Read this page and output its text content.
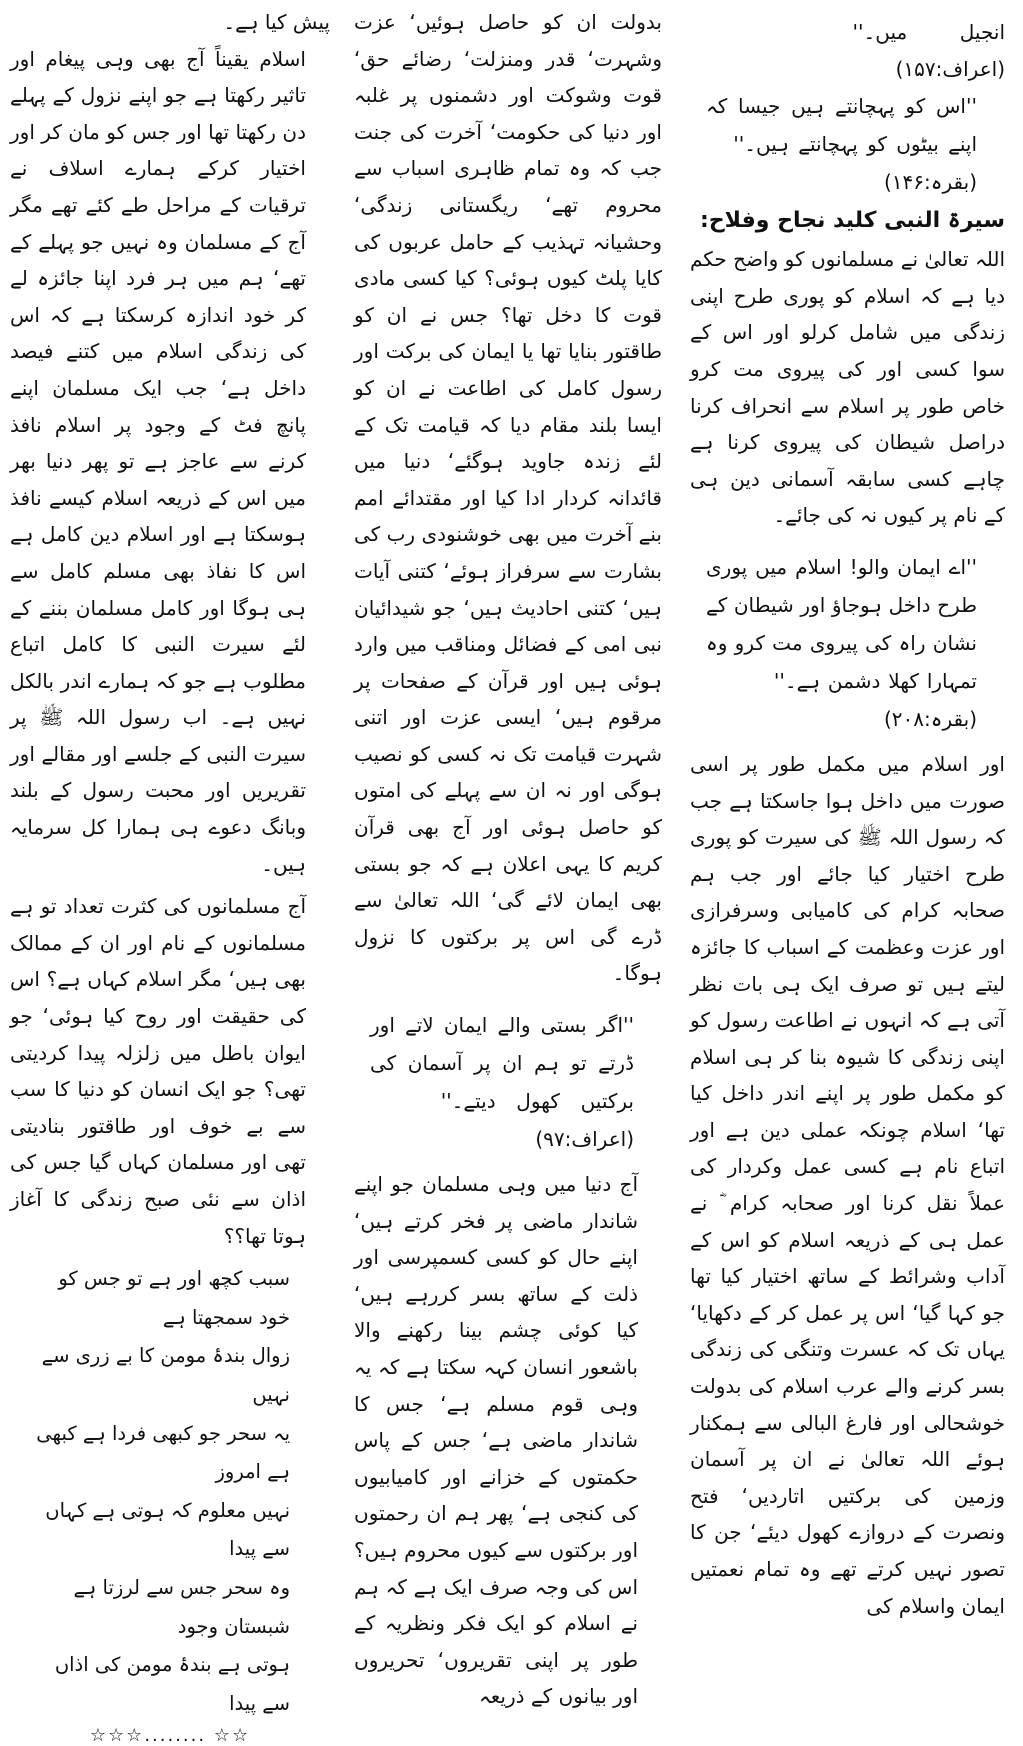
انجیل میں۔''  (اعراف:۱۵۷)

''اس کو پہچانتے ہیں جیسا کہ اپنے بیٹوں کو پہچانتے ہیں۔''  (بقرہ:۱۴۶)

سیرۃ النبی کلید نجاح وفلاح:

اللہ تعالیٰ نے مسلمانوں کو واضح حکم دیا ہے کہ اسلام کو پوری طرح اپنی زندگی میں شامل کرلو اور اس کے سوا کسی اور کی پیروی مت کرو خاص طور پر اسلام سے انحراف کرنا دراصل شیطان کی پیروی کرنا ہے چاہے کسی سابقہ آسمانی دین ہی کے نام پر کیوں نہ کی جائے۔

''اے ایمان والو! اسلام میں پوری طرح داخل ہوجاؤ اور شیطان کے نشان راہ کی پیروی مت کرو وہ تمہارا کھلا دشمن ہے۔''  (بقرہ:۲۰۸)

اور اسلام میں مکمل طور پر اسی صورت میں داخل ہوا جاسکتا ہے جب کہ رسول اللہ ﷺ کی سیرت کو پوری طرح اختیار کیا جائے اور جب ہم صحابہ کرام کی کامیابی وسرفرازی اور عزت وعظمت کے اسباب کا جائزہ لیتے ہیں تو صرف ایک ہی بات نظر آتی ہے کہ انہوں نے اطاعت رسول کو اپنی زندگی کا شیوہ بنا کر ہی اسلام کو مکمل طور پر اپنے اندر داخل کیا تھا‘ اسلام چونکہ عملی دین ہے اور اتباع نام ہے کسی عمل وکردار کی عملاً نقل کرنا اور صحابہ کرام ؓ نے عمل ہی کے ذریعہ اسلام کو اس کے آداب وشرائط کے ساتھ اختیار کیا تھا جو کہا گیا‘ اس پر عمل کر کے دکھایا‘ یہاں تک کہ عسرت وتنگی کی زندگی بسر کرنے والے عرب اسلام کی بدولت خوشحالی اور فارغ البالی سے ہمکنار ہوئے اللہ تعالیٰ نے ان پر آسمان وزمین کی برکتیں اتاردیں‘ فتح ونصرت کے دروازے کھول دیئے‘ جن کا تصور نہیں کرتے تھے وہ تمام نعمتیں ایمان واسلام کی

بدولت ان کو حاصل ہوئیں‘ عزت وشہرت‘ قدر ومنزلت‘ رضائے حق‘ قوت وشوکت اور دشمنوں پر غلبہ اور دنیا کی حکومت‘ آخرت کی جنت جب کہ وہ تمام ظاہری اسباب سے محروم تھے‘ ریگستانی زندگی‘ وحشیانہ تہذیب کے حامل عربوں کی کایا پلٹ کیوں ہوئی؟ کیا کسی مادی قوت کا دخل تھا؟ جس نے ان کو طاقتور بنایا تھا یا ایمان کی برکت اور رسول کامل کی اطاعت نے ان کو ایسا بلند مقام دیا کہ قیامت تک کے لئے زندہ جاوید ہوگئے‘ دنیا میں قائدانہ کردار ادا کیا اور مقتدائے امم بنے آخرت میں بھی خوشنودی رب کی بشارت سے سرفراز ہوئے‘ کتنی آیات ہیں‘ کتنی احادیث ہیں‘ جو شیدائیان نبی امی کے فضائل ومناقب میں وارد ہوئی ہیں اور قرآن کے صفحات پر مرقوم ہیں‘ ایسی عزت اور اتنی شہرت قیامت تک نہ کسی کو نصیب ہوگی اور نہ ان سے پہلے کی امتوں کو حاصل ہوئی اور آج بھی قرآن کریم کا یہی اعلان ہے کہ جو بستی بھی ایمان لائے گی‘ اللہ تعالیٰ سے ڈرے گی اس پر برکتوں کا نزول ہوگا۔

''اگر بستی والے ایمان لاتے اور ڈرتے تو ہم ان پر آسمان کی برکتیں کھول دیتے۔''  (اعراف:۹۷)

آج دنیا میں وہی مسلمان جو اپنے شاندار ماضی پر فخر کرتے ہیں‘ اپنے حال کو کسی کسمپرسی اور ذلت کے ساتھ بسر کررہے ہیں‘ کیا کوئی چشم بینا رکھنے والا باشعور انسان کہہ سکتا ہے کہ یہ وہی قوم مسلم ہے‘ جس کا شاندار ماضی ہے‘ جس کے پاس حکمتوں کے خزانے اور کامیابیوں کی کنجی ہے‘ پھر ہم ان رحمتوں اور برکتوں سے کیوں محروم ہیں؟ اس کی وجہ صرف ایک ہے کہ ہم نے اسلام کو ایک فکر ونظریہ کے طور پر اپنی تقریروں‘ تحریروں اور بیانوں کے ذریعہ

پیش کیا ہے۔

اسلام یقیناً آج بھی وہی پیغام اور تاثیر رکھتا ہے جو اپنے نزول کے پہلے دن رکھتا تھا اور جس کو مان کر اور اختیار کرکے ہمارے اسلاف نے ترقیات کے مراحل طے کئے تھے مگر آج کے مسلمان وہ نہیں جو پہلے کے تھے‘ ہم میں ہر فرد اپنا جائزہ لے کر خود اندازہ کرسکتا ہے کہ اس کی زندگی اسلام میں کتنے فیصد داخل ہے‘ جب ایک مسلمان اپنے پانچ فٹ کے وجود پر اسلام نافذ کرنے سے عاجز ہے تو پھر دنیا بھر میں اس کے ذریعہ اسلام کیسے نافذ ہوسکتا ہے اور اسلام دین کامل ہے اس کا نفاذ بھی مسلم کامل سے ہی ہوگا اور کامل مسلمان بننے کے لئے سیرت النبی کا کامل اتباع مطلوب ہے جو کہ ہمارے اندر بالکل نہیں ہے۔ اب رسول اللہ ﷺ پر سیرت النبی کے جلسے اور مقالے اور تقریریں اور محبت رسول کے بلند وبانگ دعوے ہی ہمارا کل سرمایہ ہیں۔

آج مسلمانوں کی کثرت تعداد تو ہے مسلمانوں کے نام اور ان کے ممالک بھی ہیں‘ مگر اسلام کہاں ہے؟ اس کی حقیقت اور روح کیا ہوئی‘ جو ایوان باطل میں زلزلہ پیدا کردیتی تھی؟ جو ایک انسان کو دنیا کا سب سے بے خوف اور طاقتور بنادیتی تھی اور مسلمان کہاں گیا جس کی اذان سے نئی صبح زندگی کا آغاز ہوتا تھا؟؟

سبب کچھ اور ہے تو جس کو خود سمجھتا ہے

زوال بندۂ مومن کا بے زری سے نہیں

یہ سحر جو کبھی فردا ہے کبھی ہے امروز

نہیں معلوم کہ ہوتی ہے کہاں سے پیدا

وہ سحر جس سے لرزتا ہے شبستان وجود

ہوتی ہے بندۂ مومن کی اذاں سے پیدا

☆☆ ........☆☆☆
